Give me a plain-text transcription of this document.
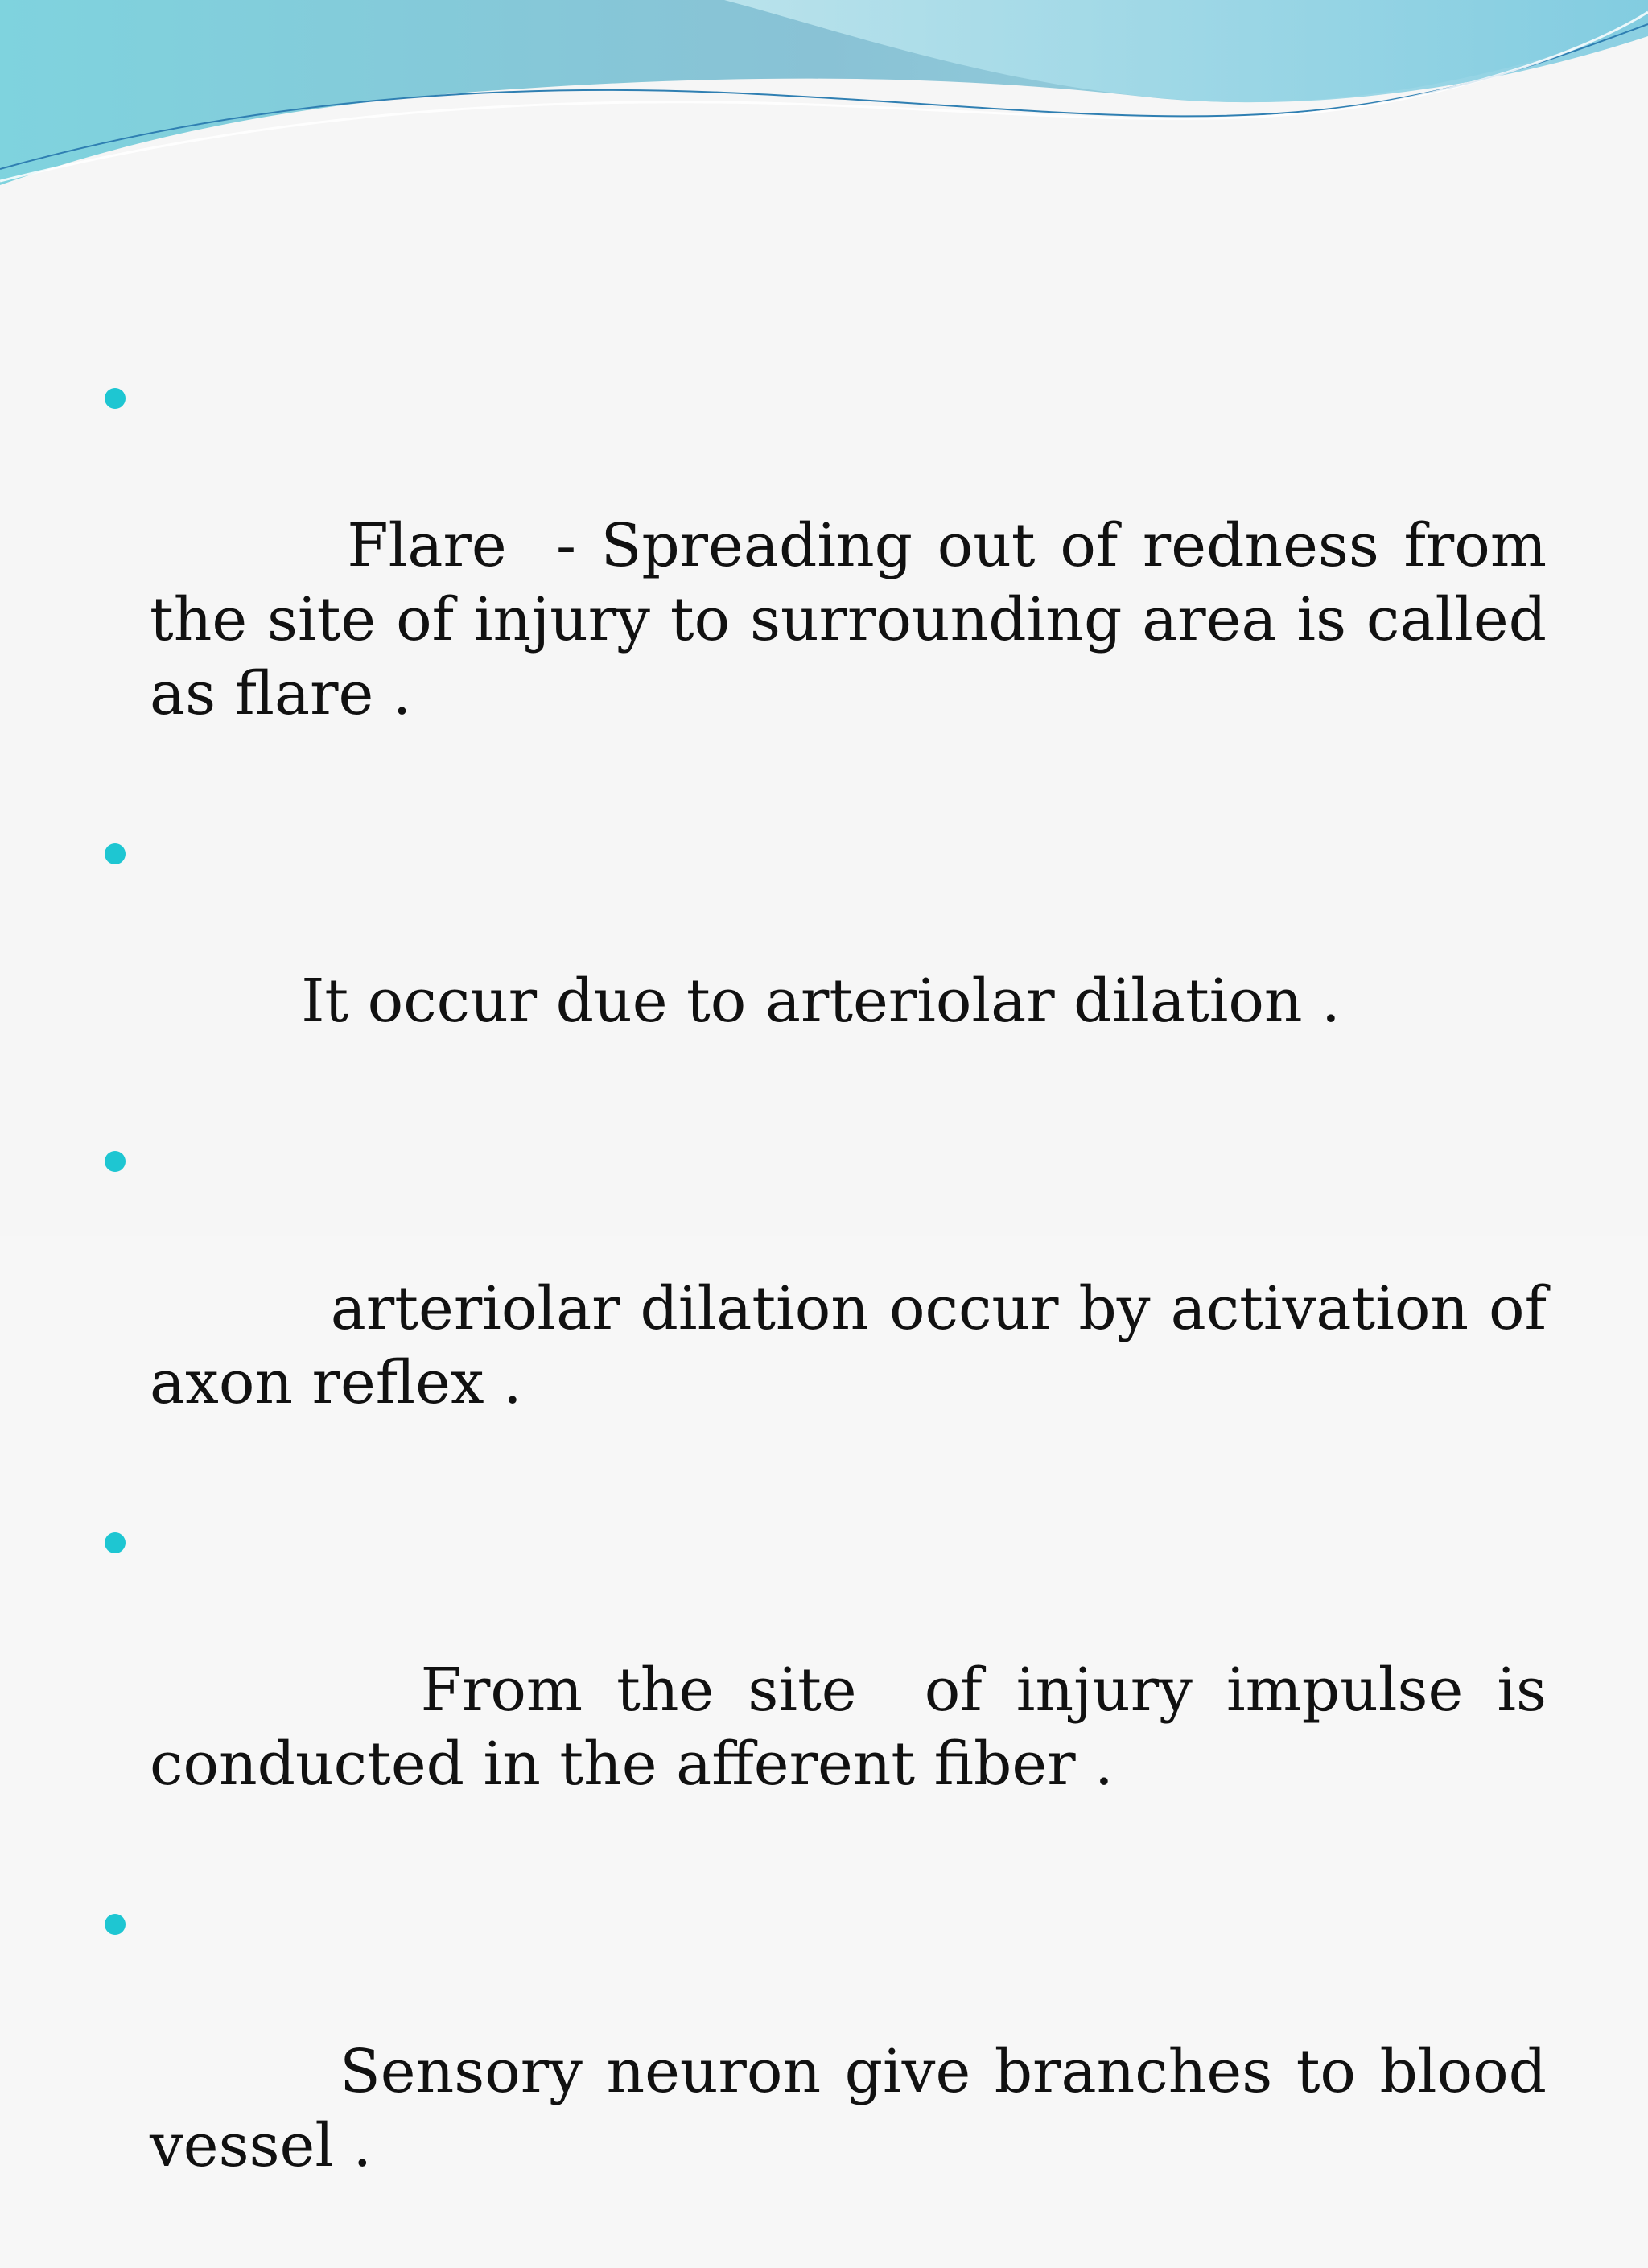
Flare  - Spreading out of redness from the site of injury to surrounding area is called as flare .

It occur due to arteriolar dilation .

arteriolar dilation occur by activation of axon reflex .

From the site  of injury impulse is conducted in the afferent fiber .

Sensory neuron give branches to blood vessel .
